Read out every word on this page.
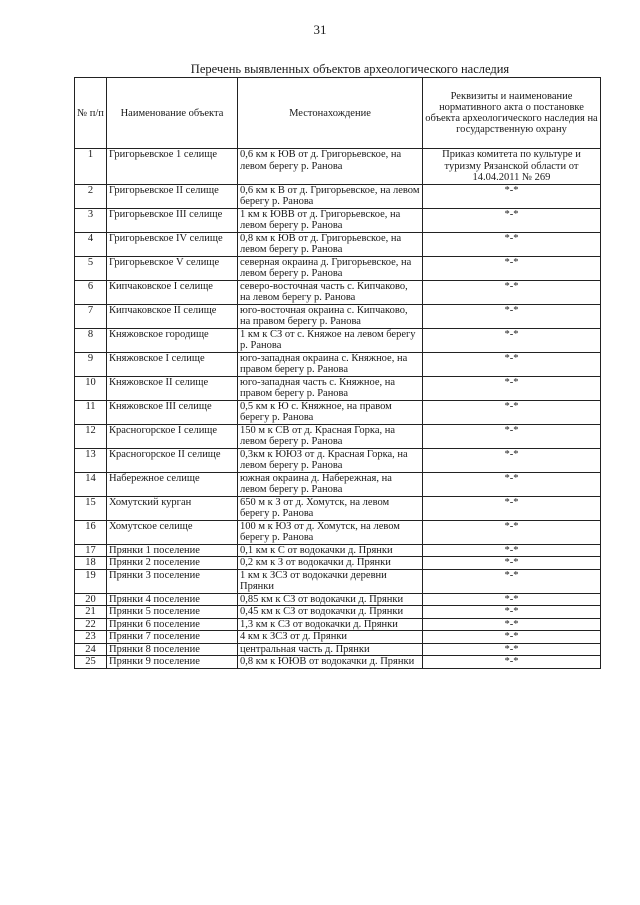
31
Перечень выявленных объектов археологического наследия
№ п/п	Наименование объекта	Местонахождение	Реквизиты и наименование нормативного акта о постановке объекта археологического наследия на государственную охрану
1	Григорьевское 1 селище	0,6 км к ЮВ от д. Григорьевское, на левом берегу р. Ранова	Приказ комитета по культуре и туризму Рязанской области от 14.04.2011 № 269
2	Григорьевское II селище	0,6 км к В от д. Григорьевское, на левом берегу р. Ранова	*-*
3	Григорьевское III селище	1 км к ЮВВ от д. Григорьевское, на левом берегу р. Ранова	*-*
4	Григорьевское IV селище	0,8 км к ЮВ от д. Григорьевское, на левом берегу р. Ранова	*-*
5	Григорьевское V селище	северная окраина д. Григорьевское, на левом берегу р. Ранова	*-*
6	Кипчаковское I селище	северо-восточная часть с. Кипчаково, на левом берегу р. Ранова	*-*
7	Кипчаковское II селище	юго-восточная окраина с. Кипчаково, на правом берегу р. Ранова	*-*
8	Княжовское городище	1 км к СЗ от с. Княжое на левом берегу р. Ранова	*-*
9	Княжовское I селище	юго-западная окраина с. Княжное, на правом берегу р. Ранова	*-*
10	Княжовское II селище	юго-западная часть с. Княжное, на правом берегу р. Ранова	*-*
11	Княжовское III селище	0,5 км к Ю с. Княжное, на правом берегу р. Ранова	*-*
12	Красногорское I селище	150 м к СВ от д. Красная Горка, на левом берегу р. Ранова	*-*
13	Красногорское II селище	0,3км к ЮЮЗ от д. Красная Горка, на левом берегу р. Ранова	*-*
14	Набережное селище	южная окраина д. Набережная, на левом берегу р. Ранова	*-*
15	Хомутский курган	650 м к З от д. Хомутск, на левом берегу р. Ранова	*-*
16	Хомутское селище	100 м к ЮЗ от д. Хомутск, на левом берегу р. Ранова	*-*
17	Прянки 1 поселение	0,1 км к С от водокачки д. Прянки	*-*
18	Прянки 2 поселение	0,2 км к З от водокачки д. Прянки	*-*
19	Прянки 3 поселение	1 км к ЗСЗ от водокачки деревни Прянки	*-*
20	Прянки 4 поселение	0,85 км к СЗ от водокачки д. Прянки	*-*
21	Прянки 5 поселение	0,45 км к СЗ от водокачки д. Прянки	*-*
22	Прянки 6 поселение	1,3 км к СЗ от водокачки д. Прянки	*-*
23	Прянки 7 поселение	4 км к ЗСЗ от д. Прянки	*-*
24	Прянки 8 поселение	центральная часть д. Прянки	*-*
25	Прянки 9 поселение	0,8 км к ЮЮВ от водокачки д. Прянки	*-*
